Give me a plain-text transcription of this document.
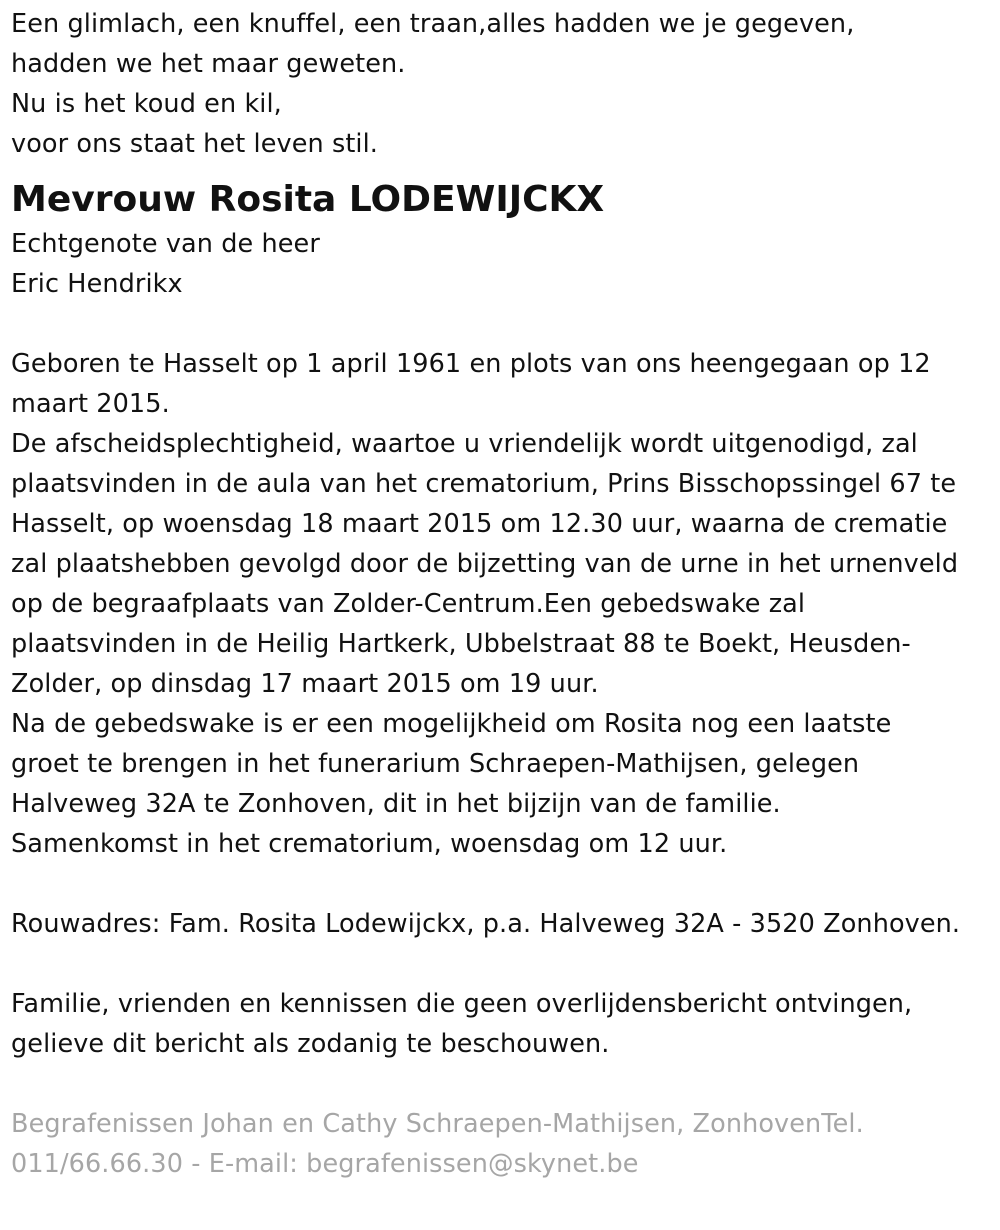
Een glimlach, een knuffel, een traan,alles hadden we je gegeven,
hadden we het maar geweten.
Nu is het koud en kil,
voor ons staat het leven stil.
Mevrouw Rosita LODEWIJCKX
Echtgenote van de heer
Eric Hendrikx
Geboren te Hasselt op 1 april 1961 en plots van ons heengegaan op 12
maart 2015.
De afscheidsplechtigheid, waartoe u vriendelijk wordt uitgenodigd, zal
plaatsvinden in de aula van het crematorium, Prins Bisschopssingel 67 te
Hasselt, op woensdag 18 maart 2015 om 12.30 uur, waarna de crematie
zal plaatshebben gevolgd door de bijzetting van de urne in het urnenveld
op de begraafplaats van Zolder-Centrum.Een gebedswake zal
plaatsvinden in de Heilig Hartkerk, Ubbelstraat 88 te Boekt, Heusden-
Zolder, op dinsdag 17 maart 2015 om 19 uur.
Na de gebedswake is er een mogelijkheid om Rosita nog een laatste
groet te brengen in het funerarium Schraepen-Mathijsen, gelegen
Halveweg 32A te Zonhoven, dit in het bijzijn van de familie.
Samenkomst in het crematorium, woensdag om 12 uur.
Rouwadres: Fam. Rosita Lodewijckx, p.a. Halveweg 32A - 3520 Zonhoven.
Familie, vrienden en kennissen die geen overlijdensbericht ontvingen,
gelieve dit bericht als zodanig te beschouwen.
Begrafenissen Johan en Cathy Schraepen-Mathijsen, ZonhovenTel.
011/66.66.30 - E-mail: begrafenissen@skynet.be
